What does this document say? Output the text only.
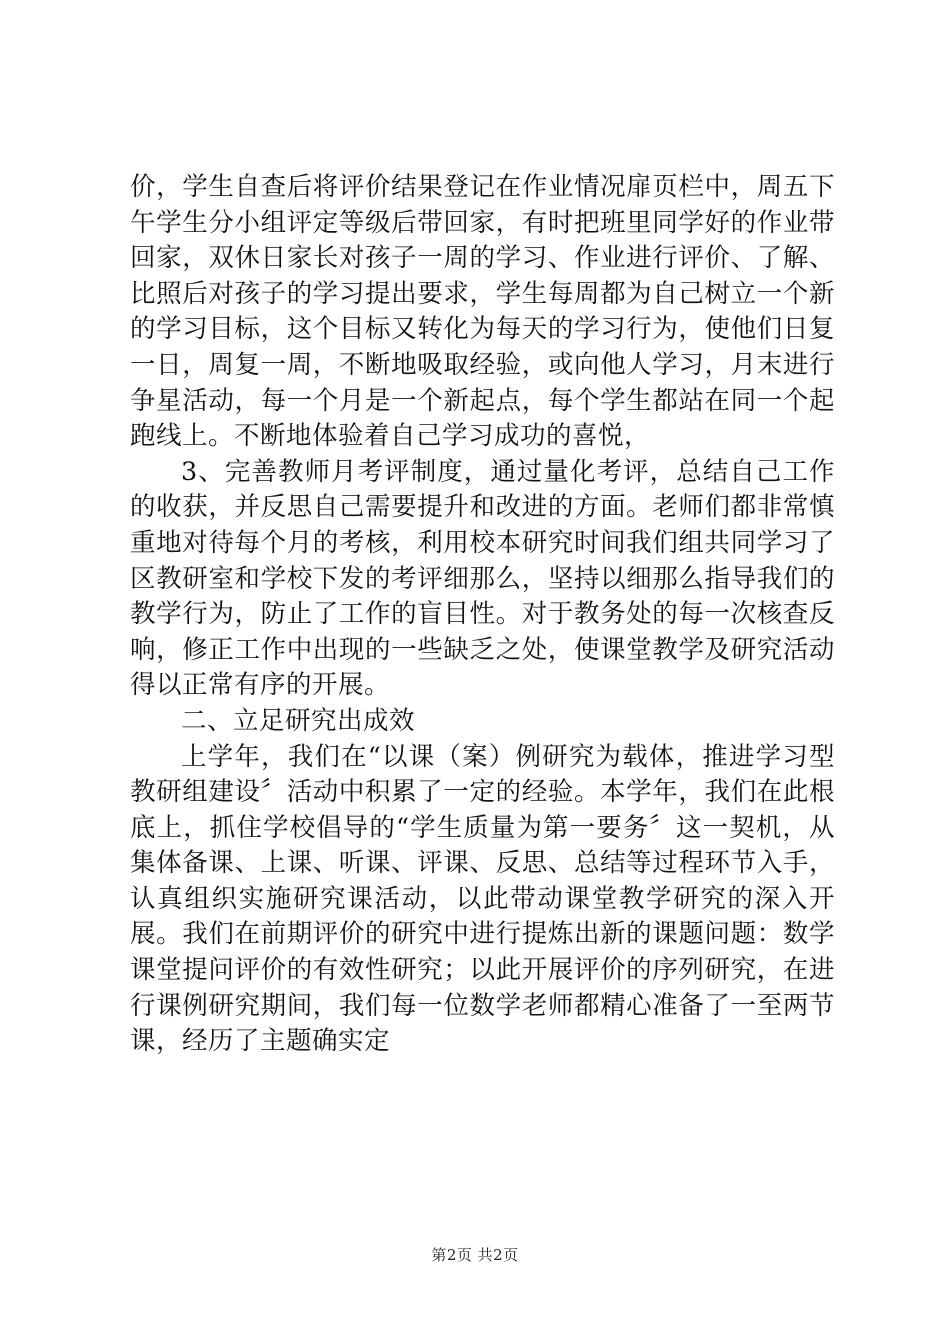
价，学生自查后将评价结果登记在作业情况扉页栏中，周五下午学生分小组评定等级后带回家，有时把班里同学好的作业带回家，双休日家长对孩子一周的学习、作业进行评价、了解、比照后对孩子的学习提出要求，学生每周都为自己树立一个新的学习目标，这个目标又转化为每天的学习行为，使他们日复一日，周复一周，不断地吸取经验，或向他人学习，月末进行争星活动，每一个月是一个新起点，每个学生都站在同一个起跑线上。不断地体验着自己学习成功的喜悦，

3、完善教师月考评制度，通过量化考评，总结自己工作的收获，并反思自己需要提升和改进的方面。老师们都非常慎重地对待每个月的考核，利用校本研究时间我们组共同学习了区教研室和学校下发的考评细那么，坚持以细那么指导我们的教学行为，防止了工作的盲目性。对于教务处的每一次核查反响，修正工作中出现的一些缺乏之处，使课堂教学及研究活动得以正常有序的开展。

二、立足研究出成效

上学年，我们在“以课（案）例研究为载体，推进学习型教研组建设〞活动中积累了一定的经验。本学年，我们在此根底上，抓住学校倡导的“学生质量为第一要务〞这一契机，从集体备课、上课、听课、评课、反思、总结等过程环节入手，认真组织实施研究课活动，以此带动课堂教学研究的深入开展。我们在前期评价的研究中进行提炼出新的课题问题：数学课堂提问评价的有效性研究；以此开展评价的序列研究，在进行课例研究期间，我们每一位数学老师都精心准备了一至两节课，经历了主题确实定

第2页 共2页
